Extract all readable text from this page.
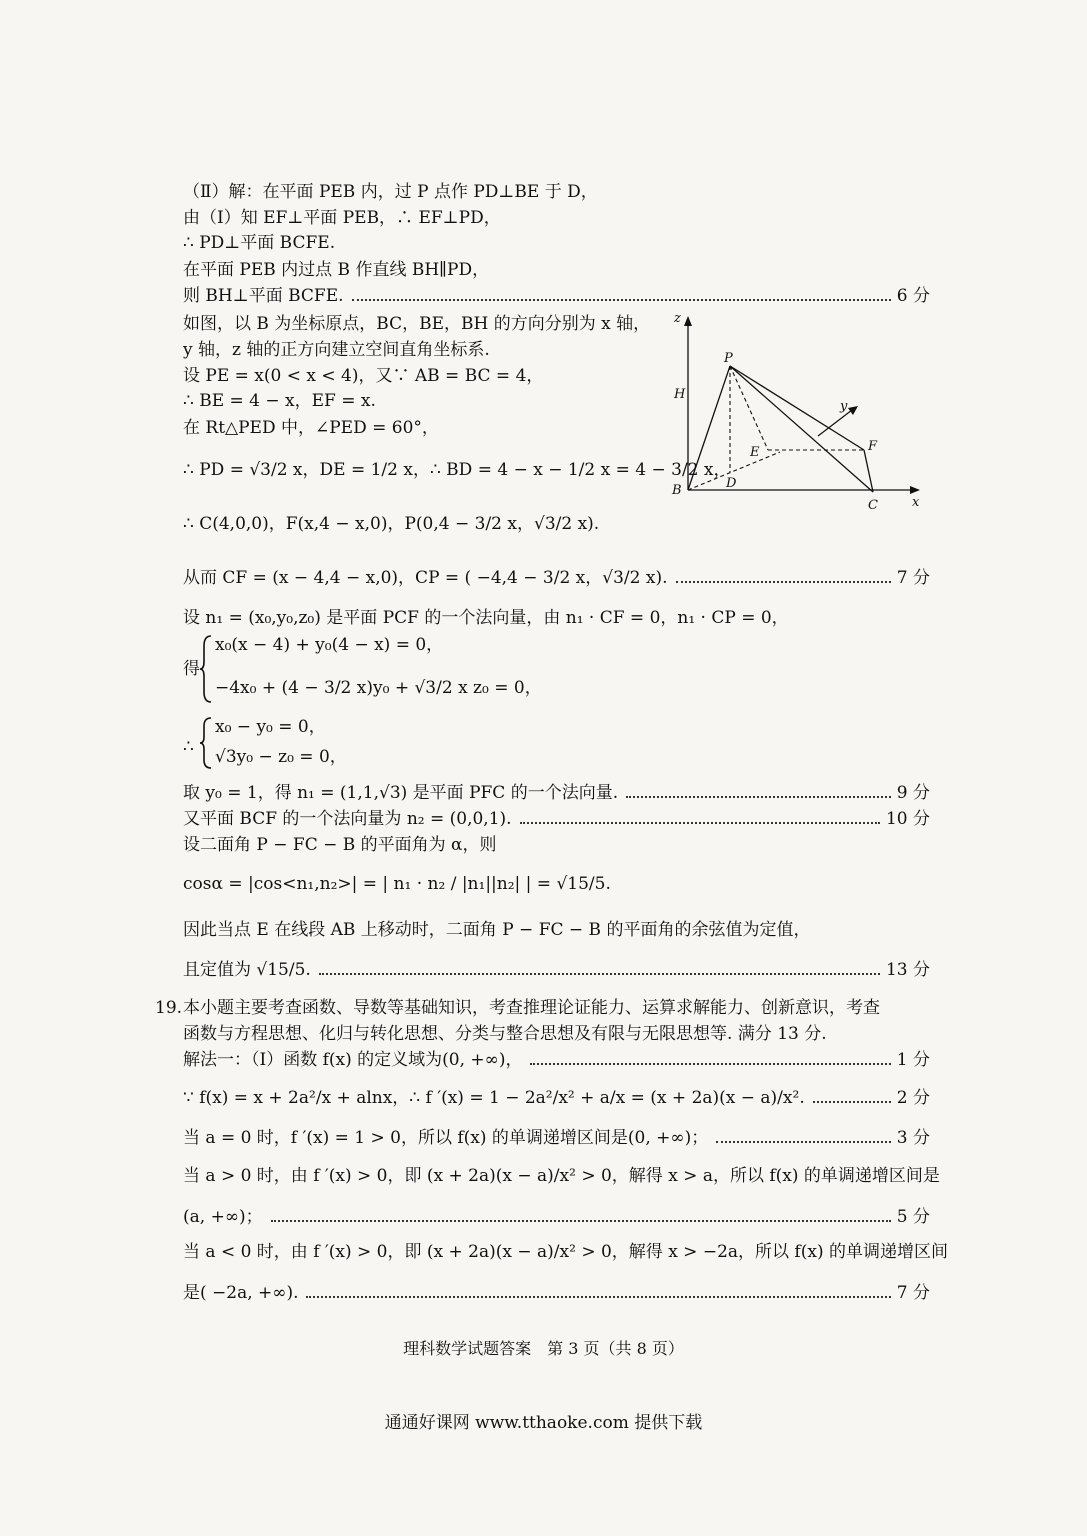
（Ⅱ）解：在平面 PEB 内，过 P 点作 PD⊥BE 于 D，
由（Ⅰ）知 EF⊥平面 PEB，∴ EF⊥PD，
∴ PD⊥平面 BCFE.
在平面 PEB 内过点 B 作直线 BH∥PD，
则 BH⊥平面 BCFE.	6 分
如图，以 B 为坐标原点，BC，BE，BH 的方向分别为 x 轴，
y 轴，z 轴的正方向建立空间直角坐标系.
设 PE = x(0 < x < 4)，又∵ AB = BC = 4，
∴ BE = 4 − x，EF = x.
在 Rt△PED 中，∠PED = 60°，
∴ PD = √3/2 x，DE = 1/2 x，∴ BD = 4 − x − 1/2 x = 4 − 3/2 x，
∴ C(4,0,0)，F(x,4 − x,0)，P(0,4 − 3/2 x，√3/2 x).
从而 CF = (x − 4,4 − x,0)，CP = ( −4,4 − 3/2 x，√3/2 x).	7 分
设 n₁ = (x₀,y₀,z₀) 是平面 PCF 的一个法向量，由 n₁ · CF = 0，n₁ · CP = 0，
得
x₀(x − 4) + y₀(4 − x) = 0，
−4x₀ + (4 − 3/2 x)y₀ + √3/2 x z₀ = 0，
∴
x₀ − y₀ = 0，
√3y₀ − z₀ = 0，
取 y₀ = 1，得 n₁ = (1,1,√3) 是平面 PFC 的一个法向量.	9 分
又平面 BCF 的一个法向量为 n₂ = (0,0,1).	10 分
设二面角 P − FC − B 的平面角为 α，则
cosα = |cos<n₁,n₂>| = | n₁ · n₂ / |n₁||n₂| | = √15/5.
因此当点 E 在线段 AB 上移动时，二面角 P − FC − B 的平面角的余弦值为定值，
且定值为 √15/5.	13 分
19. 本小题主要考查函数、导数等基础知识，考查推理论证能力、运算求解能力、创新意识，考查
函数与方程思想、化归与转化思想、分类与整合思想及有限与无限思想等. 满分 13 分.
解法一：（Ⅰ）函数 f(x) 的定义域为(0, +∞)，	1 分
∵ f(x) = x + 2a²/x + alnx，∴ f ′(x) = 1 − 2a²/x² + a/x = (x + 2a)(x − a)/x².	2 分
当 a = 0 时，f ′(x) = 1 > 0，所以 f(x) 的单调递增区间是(0, +∞)；	3 分
当 a > 0 时，由 f ′(x) > 0，即 (x + 2a)(x − a)/x² > 0，解得 x > a，所以 f(x) 的单调递增区间是
(a, +∞)；	5 分
当 a < 0 时，由 f ′(x) > 0，即 (x + 2a)(x − a)/x² > 0，解得 x > −2a，所以 f(x) 的单调递增区间
是( −2a, +∞).	7 分
理科数学试题答案　第 3 页（共 8 页）
通通好课网 www.tthaoke.com 提供下载
z
H
P
y
E
D
F
B
C	x
